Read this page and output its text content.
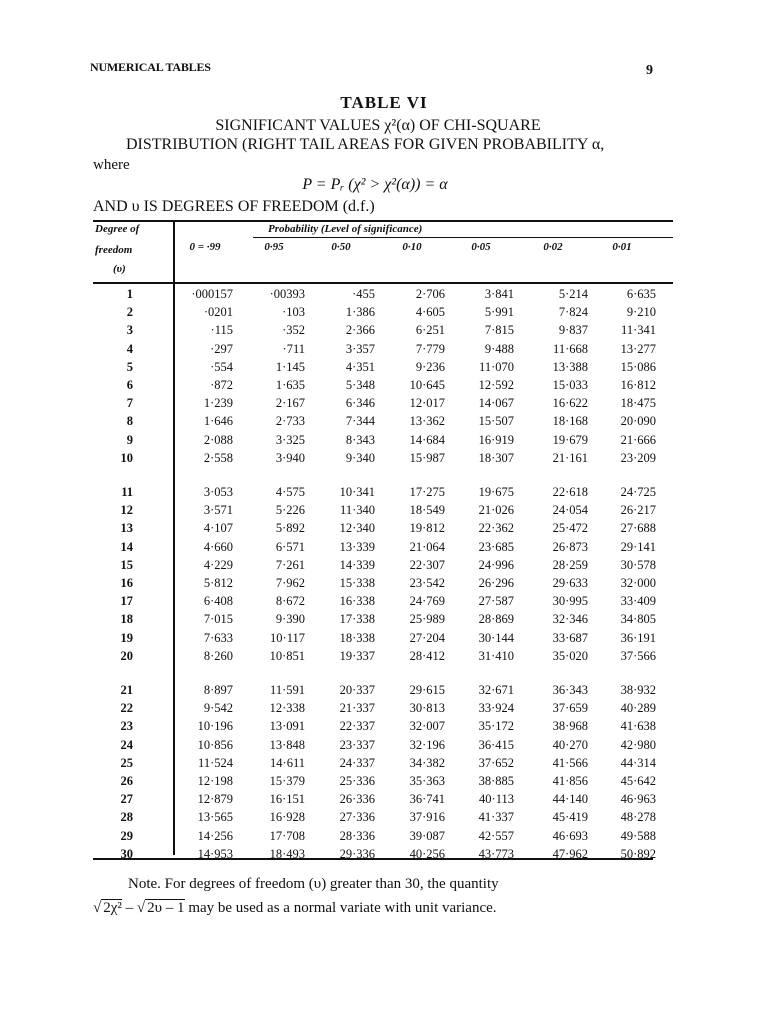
NUMERICAL TABLES	9
TABLE VI
SIGNIFICANT VALUES χ²(α) OF CHI-SQUARE
DISTRIBUTION (RIGHT TAIL AREAS FOR GIVEN PROBABILITY α,
where
P = Pᵣ (χ² > χ²(α)) = α
AND υ IS DEGREES OF FREEDOM (d.f.)
Degree of
freedom
(υ)
Probability (Level of significance)
0 = ·99	0·95	0·50	0·10	0·05	0·02	0·01
1	·000157	·00393	·455	2·706	3·841	5·214	6·635
2	·0201	·103	1·386	4·605	5·991	7·824	9·210
3	·115	·352	2·366	6·251	7·815	9·837	11·341
4	·297	·711	3·357	7·779	9·488	11·668	13·277
5	·554	1·145	4·351	9·236	11·070	13·388	15·086
6	·872	1·635	5·348	10·645	12·592	15·033	16·812
7	1·239	2·167	6·346	12·017	14·067	16·622	18·475
8	1·646	2·733	7·344	13·362	15·507	18·168	20·090
9	2·088	3·325	8·343	14·684	16·919	19·679	21·666
10	2·558	3·940	9·340	15·987	18·307	21·161	23·209
11	3·053	4·575	10·341	17·275	19·675	22·618	24·725
12	3·571	5·226	11·340	18·549	21·026	24·054	26·217
13	4·107	5·892	12·340	19·812	22·362	25·472	27·688
14	4·660	6·571	13·339	21·064	23·685	26·873	29·141
15	4·229	7·261	14·339	22·307	24·996	28·259	30·578
16	5·812	7·962	15·338	23·542	26·296	29·633	32·000
17	6·408	8·672	16·338	24·769	27·587	30·995	33·409
18	7·015	9·390	17·338	25·989	28·869	32·346	34·805
19	7·633	10·117	18·338	27·204	30·144	33·687	36·191
20	8·260	10·851	19·337	28·412	31·410	35·020	37·566
21	8·897	11·591	20·337	29·615	32·671	36·343	38·932
22	9·542	12·338	21·337	30·813	33·924	37·659	40·289
23	10·196	13·091	22·337	32·007	35·172	38·968	41·638
24	10·856	13·848	23·337	32·196	36·415	40·270	42·980
25	11·524	14·611	24·337	34·382	37·652	41·566	44·314
26	12·198	15·379	25·336	35·363	38·885	41·856	45·642
27	12·879	16·151	26·336	36·741	40·113	44·140	46·963
28	13·565	16·928	27·336	37·916	41·337	45·419	48·278
29	14·256	17·708	28·336	39·087	42·557	46·693	49·588
30	14·953	18·493	29·336	40·256	43·773	47·962	50·892
Note. For degrees of freedom (υ) greater than 30, the quantity
√ 2χ² – √ 2υ – 1 may be used as a normal variate with unit variance.
